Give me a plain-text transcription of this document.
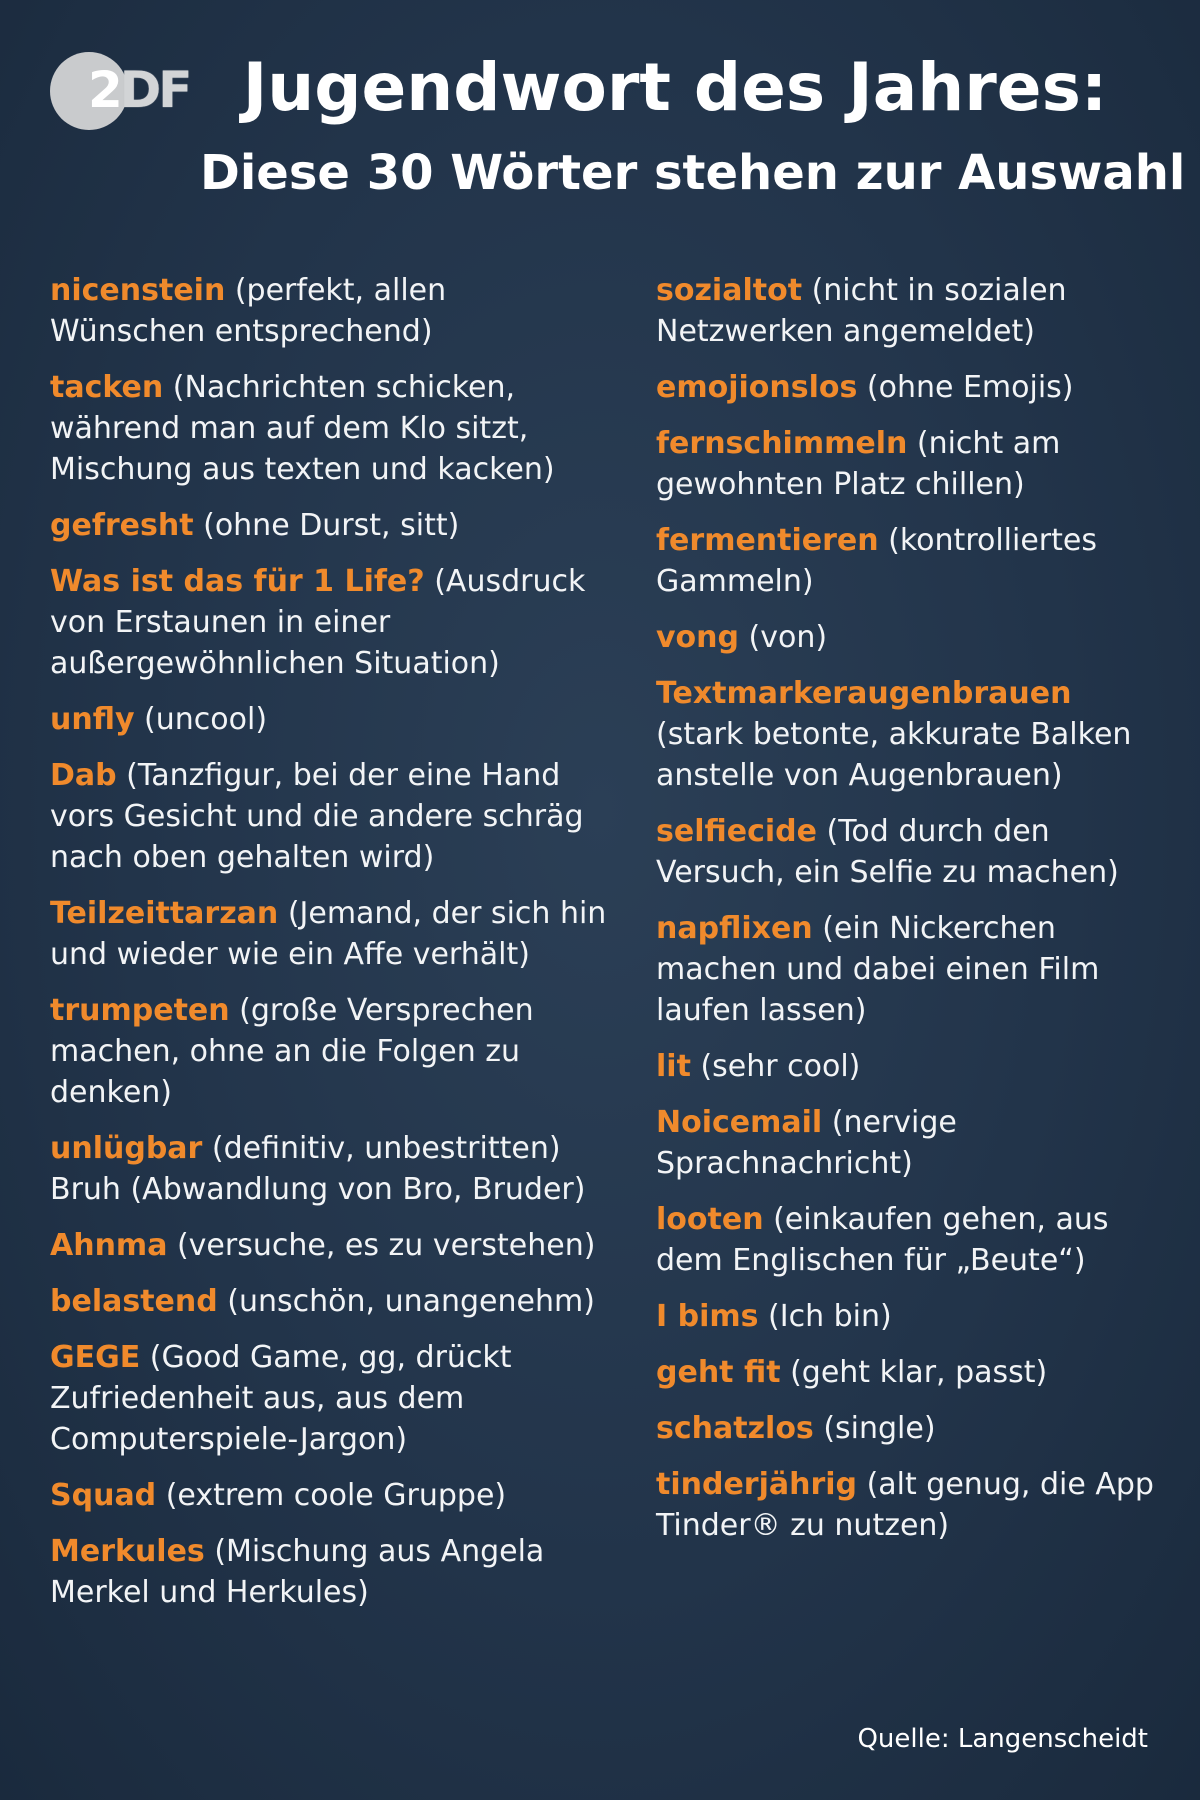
2DF Jugendwort des Jahres:
Diese 30 Wörter stehen zur Auswahl

nicenstein (perfekt, allen Wünschen entsprechend)

tacken (Nachrichten schicken, während man auf dem Klo sitzt, Mischung aus texten und kacken)

gefresht (ohne Durst, sitt)

Was ist das für 1 Life? (Ausdruck von Erstaunen in einer außergewöhnlichen Situation)

unfly (uncool)

Dab (Tanzfigur, bei der eine Hand vors Gesicht und die andere schräg nach oben gehalten wird)

Teilzeittarzan (Jemand, der sich hin und wieder wie ein Affe verhält)

trumpeten (große Versprechen machen, ohne an die Folgen zu denken)

unlügbar (definitiv, unbestritten) Bruh (Abwandlung von Bro, Bruder)

Ahnma (versuche, es zu verstehen)

belastend (unschön, unangenehm)

GEGE (Good Game, gg, drückt Zufriedenheit aus, aus dem Computerspiele-Jargon)

Squad (extrem coole Gruppe)

Merkules (Mischung aus Angela Merkel und Herkules)

sozialtot (nicht in sozialen Netzwerken angemeldet)

emojionslos (ohne Emojis)

fernschimmeln (nicht am gewohnten Platz chillen)

fermentieren (kontrolliertes Gammeln)

vong (von)

Textmarkeraugenbrauen (stark betonte, akkurate Balken anstelle von Augenbrauen)

selfiecide (Tod durch den Versuch, ein Selfie zu machen)

napflixen (ein Nickerchen machen und dabei einen Film laufen lassen)

lit (sehr cool)

Noicemail (nervige Sprachnachricht)

looten (einkaufen gehen, aus dem Englischen für „Beute“)

I bims (Ich bin)

geht fit (geht klar, passt)

schatzlos (single)

tinderjährig (alt genug, die App Tinder® zu nutzen)

Quelle: Langenscheidt
